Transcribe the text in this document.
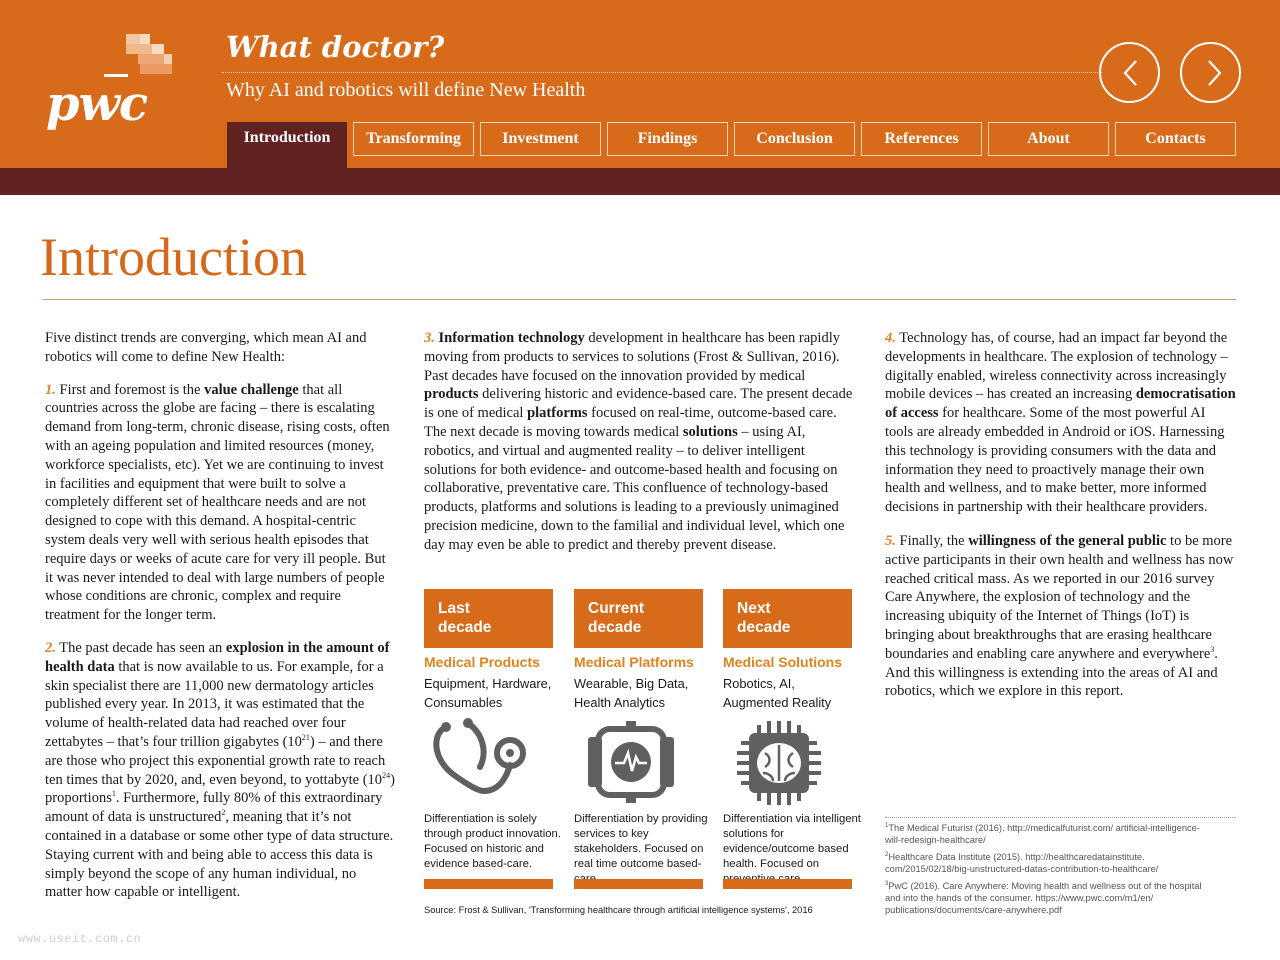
pwc
What doctor?
Why AI and robotics will define New Health
Introduction	Transforming	Investment	Findings	Conclusion	References	About	Contacts
Introduction

Five distinct trends are converging, which mean AI and robotics will come to define New Health:

1. First and foremost is the value challenge that all countries across the globe are facing – there is escalating demand from long-term, chronic disease, rising costs, often with an ageing population and limited resources (money, workforce specialists, etc). Yet we are continuing to invest in facilities and equipment that were built to solve a completely different set of healthcare needs and are not designed to cope with this demand. A hospital-centric system deals very well with serious health episodes that require days or weeks of acute care for very ill people. But it was never intended to deal with large numbers of people whose conditions are chronic, complex and require treatment for the longer term.

2. The past decade has seen an explosion in the amount of health data that is now available to us. For example, for a skin specialist there are 11,000 new dermatology articles published every year. In 2013, it was estimated that the volume of health-related data had reached over four zettabytes – that’s four trillion gigabytes $(10^{21})$ – and there are those who project this exponential growth rate to reach ten times that by 2020, and, even beyond, to yottabyte $(10^{24})$ proportions$^1$. Furthermore, fully 80% of this extraordinary amount of data is unstructured$^2$, meaning that it’s not contained in a database or some other type of data structure. Staying current with and being able to access this data is simply beyond the scope of any human individual, no matter how capable or intelligent.

3. Information technology development in healthcare has been rapidly moving from products to services to solutions (Frost & Sullivan, 2016). Past decades have focused on the innovation provided by medical products delivering historic and evidence-based care. The present decade is one of medical platforms focused on real-time, outcome-based care. The next decade is moving towards medical solutions – using AI, robotics, and virtual and augmented reality – to deliver intelligent solutions for both evidence- and outcome-based health and focusing on collaborative, preventative care. This confluence of technology-based products, platforms and solutions is leading to a previously unimagined precision medicine, down to the familial and individual level, which one day may even be able to predict and thereby prevent disease.

Last
decade
Medical Products
Equipment, Hardware,
Consumables
Differentiation is solely through product innovation. Focused on historic and evidence based-care.
Current
decade
Medical Platforms
Wearable, Big Data,
Health Analytics
Differentiation by providing services to key stakeholders. Focused on real time outcome based-
Next
decade
Medical Solutions
Robotics, AI,
Augmented Reality
Differentiation via intelligent solutions for evidence/outcome based health. Focused on
Source: Frost & Sullivan, 'Transforming healthcare through artificial intelligence systems', 2016

4. Technology has, of course, had an impact far beyond the developments in healthcare. The explosion of technology – digitally enabled, wireless connectivity across increasingly mobile devices – has created an increasing democratisation of access for healthcare. Some of the most powerful AI tools are already embedded in Android or iOS. Harnessing this technology is providing consumers with the data and information they need to proactively manage their own health and wellness, and to make better, more informed decisions in partnership with their healthcare providers.

5. Finally, the willingness of the general public to be more active participants in their own health and wellness has now reached critical mass. As we reported in our 2016 survey Care Anywhere, the explosion of technology and the increasing ubiquity of the Internet of Things (IoT) is bringing about breakthroughs that are erasing healthcare boundaries and enabling care anywhere and everywhere$^3$. And this willingness is extending into the areas of AI and robotics, which we explore in this report.

$^1$The Medical Futurist (2016). http://medicalfuturist.com/ artificial-intelligence-will-redesign-healthcare/
$^2$Healthcare Data Institute (2015). http://healthcaredatainstitute. com/2015/02/18/big-unstructured-datas-contribution-to-healthcare/
$^3$PwC (2016). Care Anywhere: Moving health and wellness out of the hospital and into the hands of the consumer. https://www.pwc.com/m1/en/ publications/documents/care-anywhere.pdf
www.useit.com.cn
